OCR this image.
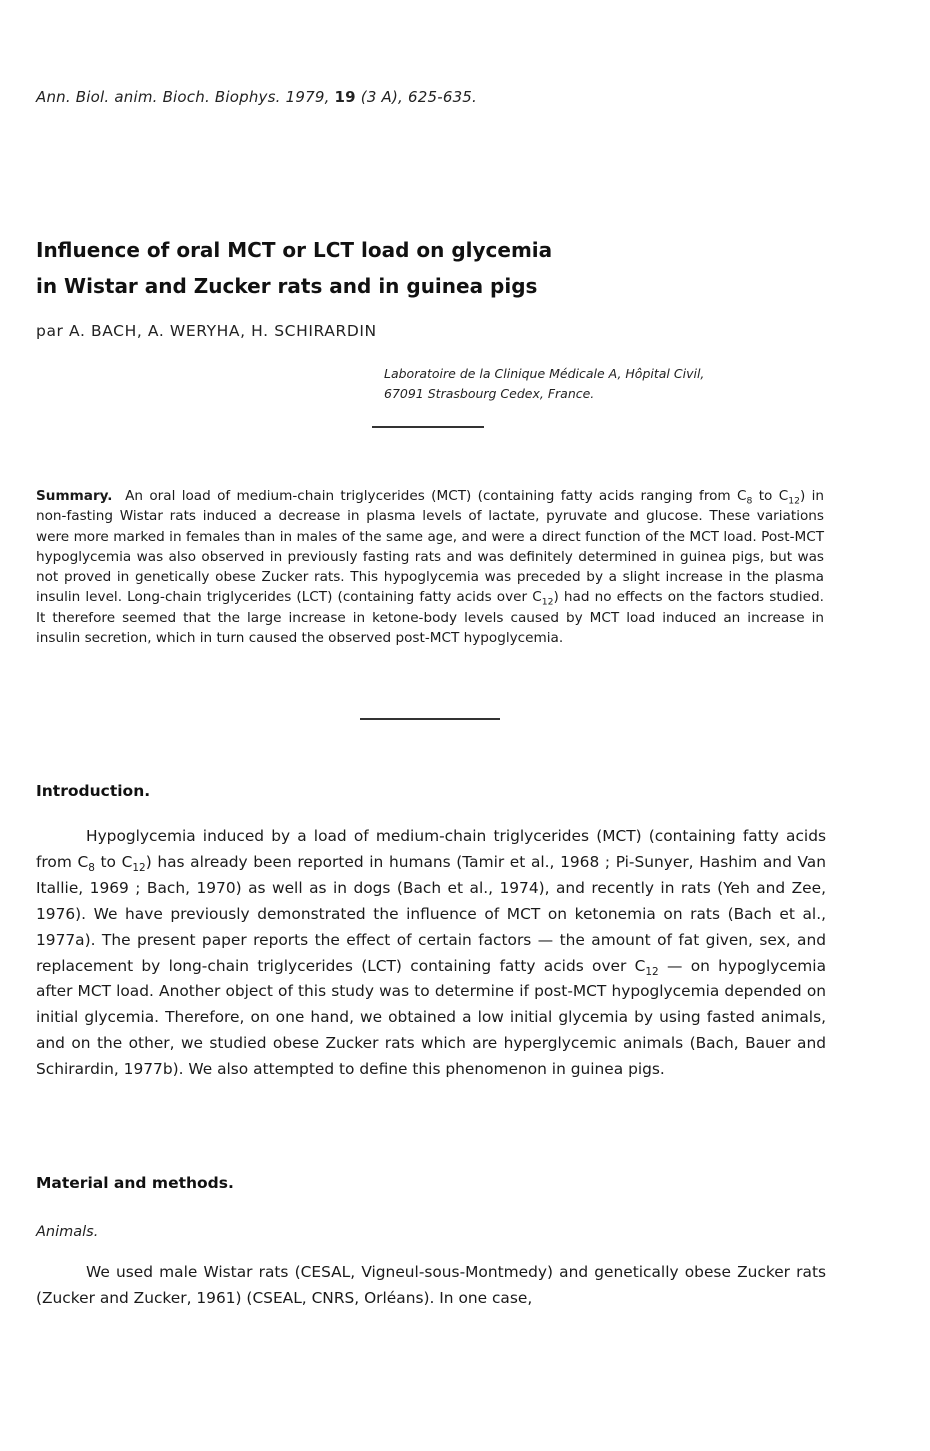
Ann. Biol. anim. Bioch. Biophys. 1979, 19 (3 A), 625-635.
Influence of oral MCT or LCT load on glycemia
in Wistar and Zucker rats and in guinea pigs
par A. BACH, A. WERYHA, H. SCHIRARDIN
Laboratoire de la Clinique Médicale A, Hôpital Civil,
67091 Strasbourg Cedex, France.
Summary. An oral load of medium-chain triglycerides (MCT) (containing fatty acids ranging from $C_8$ to $C_{12}$) in non-fasting Wistar rats induced a decrease in plasma levels of lactate, pyruvate and glucose. These variations were more marked in females than in males of the same age, and were a direct function of the MCT load. Post-MCT hypoglycemia was also observed in previously fasting rats and was definitely determined in guinea pigs, but was not proved in genetically obese Zucker rats. This hypoglycemia was preceded by a slight increase in the plasma insulin level. Long-chain triglycerides (LCT) (containing fatty acids over $C_{12}$) had no effects on the factors studied. It therefore seemed that the large increase in ketone-body levels caused by MCT load induced an increase in insulin secretion, which in turn caused the observed post-MCT hypoglycemia.
Introduction.
Hypoglycemia induced by a load of medium-chain triglycerides (MCT) (containing fatty acids from $C_8$ to $C_{12}$) has already been reported in humans (Tamir et al., 1968 ; Pi-Sunyer, Hashim and Van Itallie, 1969 ; Bach, 1970) as well as in dogs (Bach et al., 1974), and recently in rats (Yeh and Zee, 1976). We have previously demonstrated the influence of MCT on ketonemia on rats (Bach et al., 1977a). The present paper reports the effect of certain factors — the amount of fat given, sex, and replacement by long-chain triglycerides (LCT) containing fatty acids over $C_{12}$ — on hypoglycemia after MCT load. Another object of this study was to determine if post-MCT hypoglycemia depended on initial glycemia. Therefore, on one hand, we obtained a low initial glycemia by using fasted animals, and on the other, we studied obese Zucker rats which are hyperglycemic animals (Bach, Bauer and Schirardin, 1977b). We also attempted to define this phenomenon in guinea pigs.
Material and methods.
Animals.
We used male Wistar rats (CESAL, Vigneul-sous-Montmedy) and genetically obese Zucker rats (Zucker and Zucker, 1961) (CSEAL, CNRS, Orléans). In one case,
